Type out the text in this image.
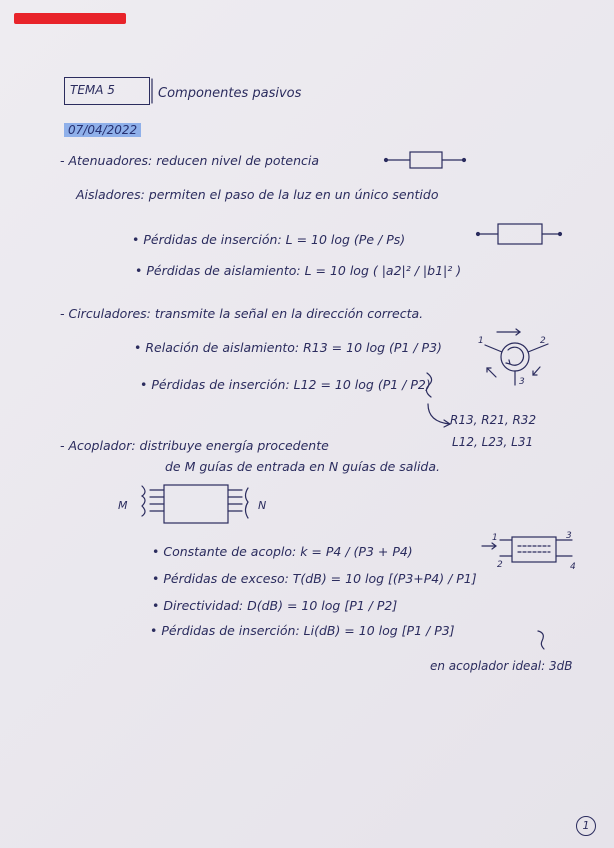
TEMA 5	Componentes pasivos
07/04/2022
- Atenuadores: reducen nivel de potencia
Aisladores: permiten el paso de la luz en un único sentido
• Pérdidas de inserción: L = 10 log (Pe / Ps)
• Pérdidas de aislamiento: L = 10 log ( |a2|² / |b1|² )
- Circuladores: transmite la señal en la dirección correcta.
• Relación de aislamiento: R13 = 10 log (P1 / P3)
• Pérdidas de inserción: L12 = 10 log (P1 / P2)
R13, R21, R32
L12, L23, L31
- Acoplador: distribuye energía procedente
de M guías de entrada en N guías de salida.
M	N
• Constante de acoplo: k = P4 / (P3 + P4)
• Pérdidas de exceso: T(dB) = 10 log [(P3+P4) / P1]
• Directividad: D(dB) = 10 log [P1 / P2]
• Pérdidas de inserción: Li(dB) = 10 log [P1 / P3]
en acoplador ideal: 3dB
1	2
3
1
2
3
4
1
